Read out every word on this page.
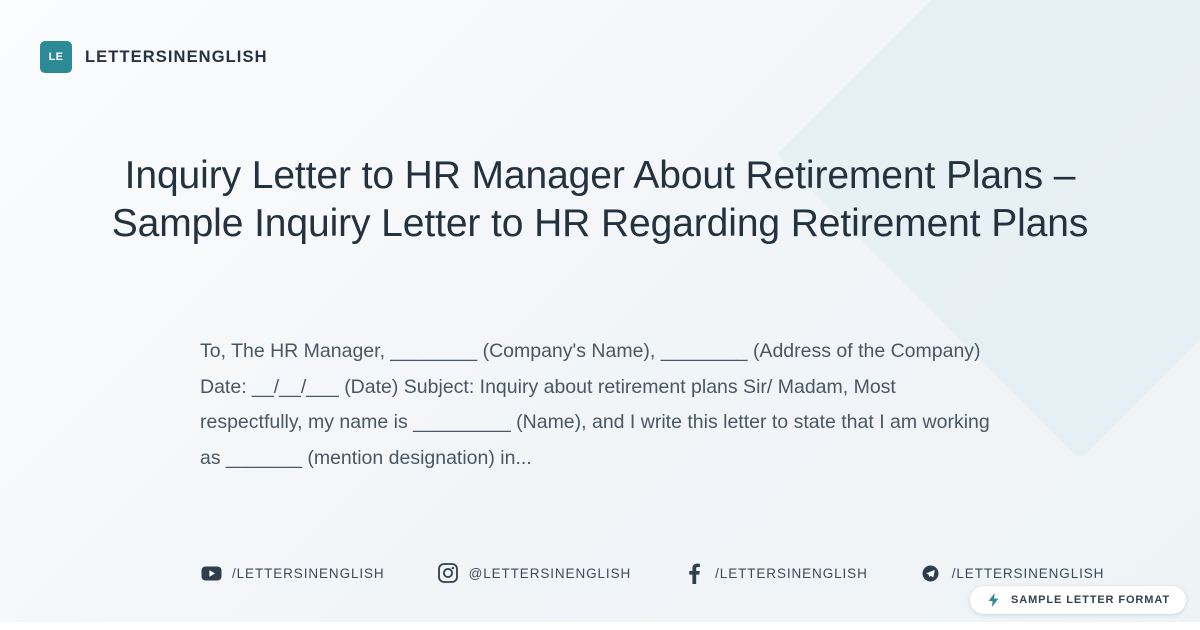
LE	LETTERSINENGLISH
Inquiry Letter to HR Manager About Retirement Plans – Sample Inquiry Letter to HR Regarding Retirement Plans
To, The HR Manager, ________ (Company's Name), ________ (Address of the Company) Date: __/__/___ (Date) Subject: Inquiry about retirement plans Sir/ Madam, Most respectfully, my name is _________ (Name), and I write this letter to state that I am working as _______ (mention designation) in...
/LETTERSINENGLISH	@LETTERSINENGLISH	/LETTERSINENGLISH	/LETTERSINENGLISH
SAMPLE LETTER FORMAT
